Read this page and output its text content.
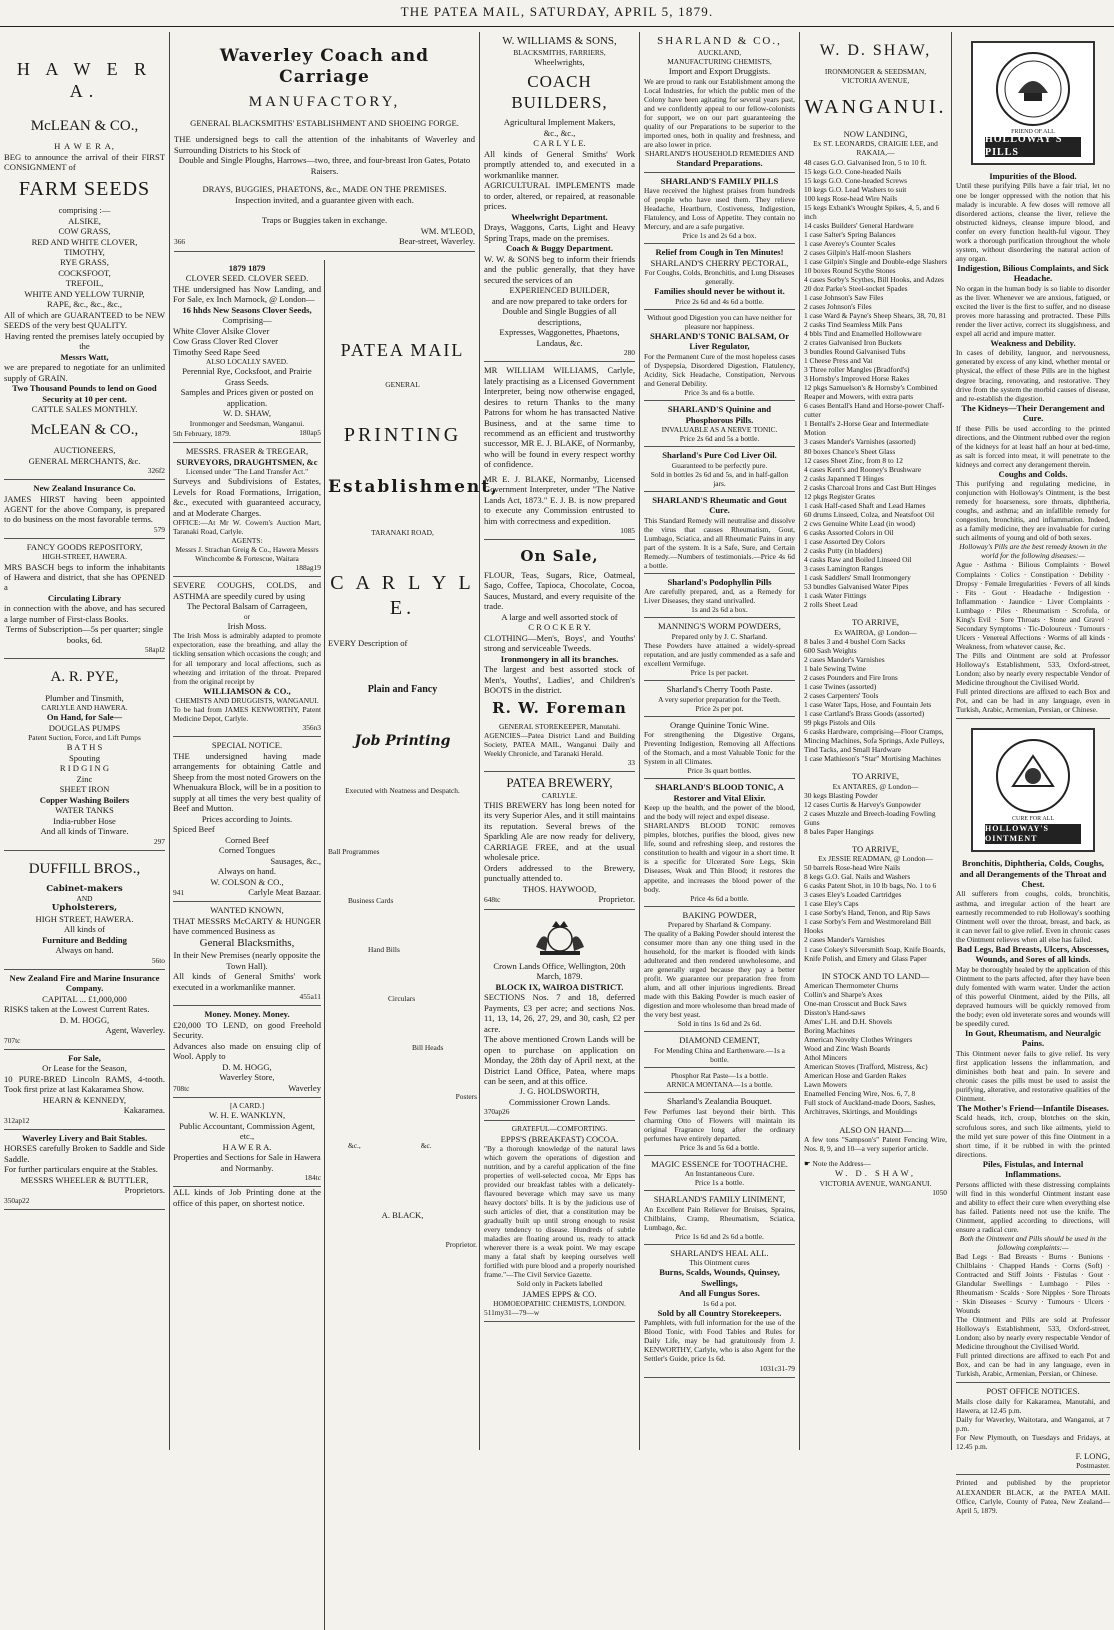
THE PATEA MAIL, SATURDAY, APRIL 5, 1879.
H A W E R A.
McLEAN & CO.,
H A W E R A,
BEG to announce the arrival of their FIRST CONSIGNMENT of
FARM SEEDS
comprising :—
ALSIKE,
COW GRASS,
RED AND WHITE CLOVER,
TIMOTHY,
RYE GRASS,
COCKSFOOT,
TREFOIL,
WHITE AND YELLOW TURNIP,
RAPE, &c., &c., &c.,
All of which are GUARANTEED to be NEW SEEDS of the very best QUALITY.
Having rented the premises lately occupied by the
Messrs Watt,
we are prepared to negotiate for an unlimited supply of GRAIN.
Two Thousand Pounds to lend on Good Security at 10 per cent.
CATTLE SALES MONTHLY.
McLEAN & CO.,
AUCTIONEERS,
GENERAL MERCHANTS, &c.
326f2
New Zealand Insurance Co.
JAMES HIRST having been appointed AGENT for the above Company, is prepared to do business on the most favorable terms.
579
FANCY GOODS REPOSITORY,
HIGH-STREET, HAWERA.
MRS BASCH begs to inform the inhabitants of Hawera and district, that she has OPENED a
Circulating Library
in connection with the above, and has secured a large number of First-class Books.
Terms of Subscription—5s per quarter; single books, 6d.
58apl2
A. R. PYE,
Plumber and Tinsmith,
CARLYLE AND HAWERA.
On Hand, for Sale—
DOUGLAS PUMPS
Patent Suction, Force, and Lift Pumps
B A T H S
Spouting
R I D G I N G
Zinc
SHEET IRON
Copper Washing Boilers
WATER TANKS
India-rubber Hose
And all kinds of Tinware.
297
DUFFILL BROS.,
Cabinet-makers
AND
Upholsterers,
HIGH STREET, HAWERA.
All kinds of
Furniture and Bedding
Always on hand.
56to
New Zealand Fire and Marine Insurance Company.
CAPITAL ... £1,000,000
RISKS taken at the Lowest Current Rates.
D. M. HOGG,
Agent, Waverley.
707tc
For Sale,
Or Lease for the Season,
10 PURE-BRED Lincoln RAMS, 4-tooth. Took first prize at last Kakaramea Show.
HEARN & KENNEDY,
Kakaramea.
312ap12
Waverley Livery and Bait Stables.
HORSES carefully Broken to Saddle and Side Saddle.
For further particulars enquire at the Stables.
MESSRS WHEELER & BUTTLER,
Proprietors.
350ap22
Waverley Coach and Carriage
MANUFACTORY,
GENERAL BLACKSMITHS' ESTABLISHMENT AND SHOEING FORGE.
THE undersigned begs to call the attention of the inhabitants of Waverley and Surrounding Districts to his Stock of
Double and Single Ploughs, Harrows—two, three, and four-breast Iron Gates, Potato Raisers.
DRAYS, BUGGIES, PHAETONS, &c., MADE ON THE PREMISES.
Inspection invited, and a guarantee given with each.
Traps or Buggies taken in exchange.
WM. M'LEOD,
366	Bear-street, Waverley.
1879 1879
CLOVER SEED. CLOVER SEED.
THE undersigned has Now Landing, and For Sale, ex Inch Marnock, @ London—
16 hhds New Seasons Clover Seeds,
Comprising—
White Clover Alsike Clover
Cow Grass Clover Red Clover
Timothy Seed Rape Seed
ALSO LOCALLY SAVED.
Perennial Rye, Cocksfoot, and Prairie Grass Seeds.
Samples and Prices given or posted on application.
W. D. SHAW,
Ironmonger and Seedsman, Wanganui.
5th February, 1879.	180ap5
MESSRS. FRASER & TREGEAR,
SURVEYORS, DRAUGHTSMEN, &c
Licensed under "The Land Transfer Act."
Surveys and Subdivisions of Estates, Levels for Road Formations, Irrigation, &c., executed with guaranteed accuracy, and at Moderate Charges.
OFFICE:—At Mr W. Cowern's Auction Mart, Taranaki Road, Carlyle.
AGENTS:
Messrs J. Strachan Greig & Co., Hawera Messrs Winchcombe & Fortescue, Waitara
188ag19
SEVERE COUGHS, COLDS, and ASTHMA are speedily cured by using
The Pectoral Balsam of Carrageen,
or
Irish Moss.
The Irish Moss is admirably adapted to promote expectoration, ease the breathing, and allay the tickling sensation which occasions the cough; and for all temporary and local affections, such as wheezing and irritation of the throat. Prepared from the original receipt by
WILLIAMSON & CO.,
CHEMISTS AND DRUGGISTS, WANGANUI.
To be had from JAMES KENWORTHY, Patent Medicine Depot, Carlyle.
356n3
SPECIAL NOTICE.
THE undersigned having made arrangements for obtaining Cattle and Sheep from the most noted Growers on the Whenuakura Block, will be in a position to supply at all times the very best quality of Beef and Mutton.
Prices according to Joints.
Spiced Beef
Corned Beef
Corned Tongues
Sausages, &c.,
Always on hand.
W. COLSON & CO.,
941	Carlyle Meat Bazaar.
WANTED KNOWN,
THAT MESSRS McCARTY & HUNGER have commenced Business as
General Blacksmiths,
In their New Premises (nearly opposite the Town Hall).
All kinds of General Smiths' work executed in a workmanlike manner.
455a11
Money. Money. Money.
£20,000 TO LEND, on good Freehold Security.
Advances also made on ensuing clip of Wool. Apply to
D. M. HOGG,
Waverley Store,
708tc	Waverley
[A CARD.]
W. H. E. WANKLYN,
Public Accountant, Commission Agent, etc.,
H A W E R A.
Properties and Sections for Sale in Hawera and Normanby.
184tc
ALL kinds of Job Printing done at the office of this paper, on shortest notice.
PATEA MAIL
GENERAL
PRINTING
Establishment,
TARANAKI ROAD,
C A R L Y L E.
EVERY Description of
Plain and Fancy
Job Printing
Executed with Neatness and Despatch.
Ball Programmes
Business Cards
Hand Bills
Circulars
Bill Heads
Posters
&c.,	&c.
A. BLACK,
Proprietor.
W. WILLIAMS & SONS,
BLACKSMITHS, FARRIERS,
Wheelwrights,
COACH BUILDERS,
Agricultural Implement Makers,
&c., &c.,
C A R L Y L E.
All kinds of General Smiths' Work promptly attended to, and executed in a workmanlike manner.
AGRICULTURAL IMPLEMENTS made to order, altered, or repaired, at reasonable prices.
Wheelwright Department.
Drays, Waggons, Carts, Light and Heavy Spring Traps, made on the premises.
Coach & Buggy Department.
W. W. & SONS beg to inform their friends and the public generally, that they have secured the services of an
EXPERIENCED BUILDER,
and are now prepared to take orders for
Double and Single Buggies of all descriptions,
Expresses, Waggonettes, Phaetons, Landaus, &c.
280
MR WILLIAM WILLIAMS, Carlyle, lately practising as a Licensed Government Interpreter, being now otherwise engaged, desires to return Thanks to the many Patrons for whom he has transacted Native Business, and at the same time to recommend as an efficient and trustworthy successor, MR E. J. BLAKE, of Normanby, who will be found in every respect worthy of confidence.
MR E. J. BLAKE, Normanby, Licensed Government Interpreter, under "The Native Lands Act, 1873." E. J. B. is now prepared to execute any Commission entrusted to him with correctness and expedition.
1085
On Sale,
FLOUR, Teas, Sugars, Rice, Oatmeal, Sago, Coffee, Tapioca, Chocolate, Cocoa, Sauces, Mustard, and every requisite of the trade.
A large and well assorted stock of
C R O C K E R Y.
CLOTHING—Men's, Boys', and Youths' strong and serviceable Tweeds.
Ironmongery in all its branches.
The largest and best assorted stock of Men's, Youths', Ladies', and Children's BOOTS in the district.
R. W. Foreman
GENERAL STOREKEEPER, Manutahi.
AGENCIES—Patea District Land and Building Society, PATEA MAIL, Wanganui Daily and Weekly Chronicle, and Taranaki Herald.
33
PATEA BREWERY,
CARLYLE.
THIS BREWERY has long been noted for its very Superior Ales, and it still maintains its reputation. Several brews of the Sparkling Ale are now ready for delivery, CARRIAGE FREE, and at the usual wholesale price.
Orders addressed to the Brewery, punctually attended to.
THOS. HAYWOOD,
648tc	Proprietor.
Crown Lands Office, Wellington, 20th March, 1879.
BLOCK IX, WAIROA DISTRICT.
SECTIONS Nos. 7 and 18, deferred Payments, £3 per acre; and sections Nos. 11, 13, 14, 26, 27, 29, and 30, cash, £2 per acre.
The above mentioned Crown Lands will be open to purchase on application on Monday, the 28th day of April next, at the District Land Office, Patea, where maps can be seen, and at this office.
J. G. HOLDSWORTH,
Commissioner Crown Lands.
370ap26
GRATEFUL—COMFORTING.
EPPS'S (BREAKFAST) COCOA.
"By a thorough knowledge of the natural laws which govern the operations of digestion and nutrition, and by a careful application of the fine properties of well-selected cocoa, Mr Epps has provided our breakfast tables with a delicately-flavoured beverage which may save us many heavy doctors' bills. It is by the judicious use of such articles of diet, that a constitution may be gradually built up until strong enough to resist every tendency to disease. Hundreds of subtle maladies are floating around us, ready to attack wherever there is a weak point. We may escape many a fatal shaft by keeping ourselves well fortified with pure blood and a properly nourished frame."—The Civil Service Gazette.
Sold only in Packets labelled
JAMES EPPS & CO.
HOMOEOPATHIC CHEMISTS, LONDON.
511my31—79—w
SHARLAND & CO.,
AUCKLAND,
MANUFACTURING CHEMISTS,
Import and Export Druggists.
We are proud to rank our Establishment among the Local Industries, for which the public men of the Colony have been agitating for several years past, and we confidently appeal to our fellow-colonists for support, we on our part guaranteeing the quality of our Preparations to be superior to the imported ones, both in quality and freshness, and are also lower in price.
SHARLAND'S HOUSEHOLD REMEDIES AND
Standard Preparations.
SHARLAND'S FAMILY PILLS
Have received the highest praises from hundreds of people who have used them. They relieve Headache, Heartburn, Costiveness, Indigestion, Flatulency, and Loss of Appetite. They contain no Mercury, and are a safe purgative.
Price 1s and 2s 6d a box.
Relief from Cough in Ten Minutes!
SHARLAND'S CHERRY PECTORAL,
For Coughs, Colds, Bronchitis, and Lung Diseases generally.
Families should never be without it.
Price 2s 6d and 4s 6d a bottle.
Without good Digestion you can have neither for pleasure nor happiness.
SHARLAND'S TONIC BALSAM, Or Liver Regulator,
For the Permanent Cure of the most hopeless cases of Dyspepsia, Disordered Digestion, Flatulency, Acidity, Sick Headache, Constipation, Nervous and General Debility.
Price 3s and 6s a bottle.
SHARLAND'S Quinine and Phosphorous Pills.
INVALUABLE AS A NERVE TONIC.
Price 2s 6d and 5s a bottle.
Sharland's Pure Cod Liver Oil.
Guaranteed to be perfectly pure.
Sold in bottles 2s 6d and 5s, and in half-gallon jars.
SHARLAND'S Rheumatic and Gout Cure.
This Standard Remedy will neutralise and dissolve the virus that causes Rheumatism, Gout, Lumbago, Sciatica, and all Rheumatic Pains in any part of the system. It is a Safe, Sure, and Certain Remedy.—Numbers of testimonials.—Price 4s 6d a bottle.
Sharland's Podophyllin Pills
Are carefully prepared, and, as a Remedy for Liver Diseases, they stand unrivalled.
1s and 2s 6d a box.
MANNING'S WORM POWDERS,
Prepared only by J. C. Sharland.
These Powders have attained a widely-spread reputation, and are justly commended as a safe and excellent Vermifuge.
Price 1s per packet.
Sharland's Cherry Tooth Paste.
A very superior preparation for the Teeth.
Price 2s per pot.
Orange Quinine Tonic Wine.
For strengthening the Digestive Organs, Preventing Indigestion, Removing all Affections of the Stomach, and a most Valuable Tonic for the System in all Climates.
Price 3s quart bottles.
SHARLAND'S BLOOD TONIC, A Restorer and Vital Elixir.
Keep up the health, and the power of the blood, and the body will reject and expel disease.
SHARLAND'S BLOOD TONIC removes pimples, blotches, purifies the blood, gives new life, sound and refreshing sleep, and restores the constitution to health and vigour in a short time. It is a specific for Ulcerated Sore Legs, Skin Diseases, Weak and Thin Blood; it restores the appetite, and increases the blood power of the body.
Price 4s 6d a bottle.
BAKING POWDER,
Prepared by Sharland & Company.
The quality of a Baking Powder should interest the consumer more than any one thing used in the household, for the market is flooded with kinds adulterated and then rendered unwholesome, and are generally urged because they pay a better profit. We guarantee our preparation free from alum, and all other injurious ingredients. Bread made with this Baking Powder is much easier of digestion and more wholesome than bread made of the very best yeast.
Sold in tins 1s 6d and 2s 6d.
DIAMOND CEMENT,
For Mending China and Earthenware.—1s a bottle.
Phosphor Rat Paste—1s a bottle.
ARNICA MONTANA—1s a bottle.
Sharland's Zealandia Bouquet.
Few Perfumes last beyond their birth. This charming Otto of Flowers will maintain its original Fragrance long after the ordinary perfumes have entirely departed.
Price 3s and 5s 6d a bottle.
MAGIC ESSENCE for TOOTHACHE.
An Instantaneous Cure.
Price 1s a bottle.
SHARLAND'S FAMILY LINIMENT,
An Excellent Pain Reliever for Bruises, Sprains, Chilblains, Cramp, Rheumatism, Sciatica, Lumbago, &c.
Price 1s 6d and 2s 6d a bottle.
SHARLAND'S HEAL ALL.
This Ointment cures
Burns, Scalds, Wounds, Quinsey, Swellings,
And all Fungus Sores.
1s 6d a pot.
Sold by all Country Storekeepers.
Pamphlets, with full information for the use of the Blood Tonic, with Food Tables and Rules for Daily Life, may be had gratuitously from J. KENWORTHY, Carlyle, who is also Agent for the Settler's Guide, price 1s 6d.
1031c31-79
W. D. SHAW,
IRONMONGER & SEEDSMAN,
VICTORIA AVENUE,
WANGANUI.
NOW LANDING,
Ex ST. LEONARDS, CRAIGIE LEE, and RAKAIA,—
48 cases G.O. Galvanised Iron, 5 to 10 ft.
15 kegs G.O. Cone-headed Nails
15 kegs G.O. Cone-headed Screws
10 kegs G.O. Lead Washers to suit
100 kegs Rose-head Wire Nails
15 kegs Exbank's Wrought Spikes, 4, 5, and 6 inch
14 casks Builders' General Hardware
1 case Salter's Spring Balances
1 case Averey's Counter Scales
2 cases Gilpin's Half-moon Slashers
1 case Gilpin's Single and Double-edge Slashers
10 boxes Round Scythe Stones
4 cases Sorby's Scythes, Bill Hooks, and Adzes
20 doz Parke's Steel-socket Spades
1 case Johnson's Saw Files
2 cases Johnson's Files
1 case Ward & Payne's Sheep Shears, 38, 70, 81
2 casks Tind Seamless Milk Pans
4 bbls Tind and Enamelled Hollowware
2 crates Galvanised Iron Buckets
3 bundles Round Galvanised Tubs
1 Cheese Press and Vat
3 Three roller Mangles (Bradford's)
3 Hornsby's Improved Horse Rakes
12 pkgs Samuelson's & Hornsby's Combined Reaper and Mowers, with extra parts
6 cases Bentall's Hand and Horse-power Chaff-cutter
1 Bentall's 2-Horse Gear and Intermediate Motion
3 cases Mander's Varnishes (assorted)
80 boxes Chance's Sheet Glass
12 cases Sheet Zinc, from 8 to 12
4 cases Kent's and Rooney's Brushware
2 casks Japanned T Hinges
2 casks Charcoal Irons and Cast Butt Hinges
12 pkgs Register Grates
1 cask Half-cased Shaft and Lead Hames
60 drums Linseed, Colza, and Neatsfoot Oil
2 cws Genuine White Lead (in wood)
6 casks Assorted Colors in Oil
1 case Assorted Dry Colors
2 casks Putty (in bladders)
4 casks Raw and Boiled Linseed Oil
3 cases Lamington Ranges
1 cask Saddlers' Small Ironmongery
53 bundles Galvanised Water Pipes
1 cask Water Fittings
2 rolls Sheet Lead
TO ARRIVE,
Ex WAIROA, @ London—
8 bales 3 and 4 bushel Corn Sacks
600 Sash Weights
2 cases Mander's Varnishes
1 bale Sewing Twine
2 cases Pounders and Fire Irons
1 case Twines (assorted)
2 cases Carpenters' Tools
1 case Water Taps, Hose, and Fountain Jets
1 case Cartland's Brass Goods (assorted)
99 pkgs Pistols and Oils
6 casks Hardware, comprising—Floor Cramps, Mincing Machines, Sofa Springs, Axle Pulleys, Tind Tacks, and Small Hardware
1 case Mathieson's "Star" Mortising Machines
TO ARRIVE,
Ex ANTARES, @ London—
30 kegs Blasting Powder
12 cases Curtis & Harvey's Gunpowder
2 cases Muzzle and Breech-loading Fowling Guns
8 bales Paper Hangings
TO ARRIVE,
Ex JESSIE READMAN, @ London—
50 barrels Rose-head Wire Nails
8 kegs G.O. Gal. Nails and Washers
6 casks Patent Shot, in 10 lb bags, No. 1 to 6
3 cases Eley's Loaded Cartridges
1 case Eley's Caps
1 case Sorby's Hand, Tenon, and Rip Saws
1 case Sorby's Fern and Westmoreland Bill Hooks
2 cases Mander's Varnishes
1 case Cokey's Silversmith Soap, Knife Boards, Knife Polish, and Emery and Glass Paper
IN STOCK AND TO LAND—
American Thermometer Churns
Collin's and Sharpe's Axes
One-man Crosscut and Buck Saws
Disston's Hand-saws
Ames' L.H. and D.H. Shovels
Boring Machines
American Novelty Clothes Wringers
Wood and Zinc Wash Boards
Athol Mincers
American Stoves (Trafford, Mistress, &c)
American Hose and Garden Rakes
Lawn Mowers
Enamelled Fencing Wire, Nos. 6, 7, 8
Full stock of Auckland-made Doors, Sashes, Architraves, Skirtings, and Mouldings
ALSO ON HAND—
A few tons "Sampson's" Patent Fencing Wire, Nos. 8, 9, and 10—a very superior article.
☛ Note the Address—
W. D. SHAW,
VICTORIA AVENUE, WANGANUI.
1050
FRIEND OF ALL
HOLLOWAY'S PILLS
Impurities of the Blood.
Until these purifying Pills have a fair trial, let no one be longer oppressed with the notion that his malady is incurable. A few doses will remove all disordered actions, cleanse the liver, relieve the obstructed kidneys, cleanse impure blood, and confer on every function health-ful vigour. They work a thorough purification throughout the whole system, without disordering the natural action of any organ.
Indigestion, Bilious Complaints, and Sick Headache.
No organ in the human body is so liable to disorder as the liver. Whenever we are anxious, fatigued, or excited the liver is the first to suffer, and no disease proves more harassing and protracted. These Pills render the liver active, correct its sluggishness, and expel all acrid and impure matter.
Weakness and Debility.
In cases of debility, languor, and nervousness, generated by excess of any kind, whether mental or physical, the effect of these Pills are in the highest degree bracing, renovating, and restorative. They drive from the system the morbid causes of disease, and re-establish the digestion.
The Kidneys—Their Derangement and Cure.
If these Pills be used according to the printed directions, and the Ointment rubbed over the region of the kidneys for at least half an hour at bed-time, as salt is forced into meat, it will penetrate to the kidneys and correct any derangement therein.
Coughs and Colds.
This purifying and regulating medicine, in conjunction with Holloway's Ointment, is the best remedy for hoarseness, sore throats, diphtheria, coughs, and asthma; and an infallible remedy for congestion, bronchitis, and inflammation. Indeed, as a family medicine, they are invaluable for curing such ailments of young and old of both sexes.
Holloway's Pills are the best remedy known in the world for the following diseases:—
Ague · Asthma · Bilious Complaints · Bowel Complaints · Colics · Constipation · Debility · Dropsy · Female Irregularities · Fevers of all kinds · Fits · Gout · Headache · Indigestion · Inflammation · Jaundice · Liver Complaints · Lumbago · Piles · Rheumatism · Scrofula, or King's Evil · Sore Throats · Stone and Gravel · Secondary Symptoms · Tic-Doloureux · Tumours · Ulcers · Venereal Affections · Worms of all kinds · Weakness, from whatever cause, &c.
The Pills and Ointment are sold at Professor Holloway's Establishment, 533, Oxford-street, London; also by nearly every respectable Vendor of Medicine throughout the Civilised World.
Full printed directions are affixed to each Box and Pot, and can be had in any language, even in Turkish, Arabic, Armenian, Persian, or Chinese.
CURE FOR ALL
HOLLOWAY'S OINTMENT
Bronchitis, Diphtheria, Colds, Coughs, and all Derangements of the Throat and Chest.
All sufferers from coughs, colds, bronchitis, asthma, and irregular action of the heart are earnestly recommended to rub Holloway's soothing Ointment well over the throat, breast, and back, as it can never fail to give relief. Even in chronic cases the Ointment relieves when all else has failed.
Bad Legs, Bad Breasts, Ulcers, Abscesses, Wounds, and Sores of all kinds.
May be thoroughly healed by the application of this Ointment to the parts affected, after they have been duly fomented with warm water. Under the action of this powerful Ointment, aided by the Pills, all depraved humours will be quickly removed from the body; even old inveterate sores and wounds will be speedily cured.
In Gout, Rheumatism, and Neuralgic Pains.
This Ointment never fails to give relief. Its very first application lessens the inflammation, and diminishes both heat and pain. In severe and chronic cases the pills must be used to assist the purifying, alterative, and restorative qualities of the Ointment.
The Mother's Friend—Infantile Diseases.
Scald heads, itch, croup, blotches on the skin, scrofulous sores, and such like ailments, yield to the mild yet sure power of this fine Ointment in a short time, if it be rubbed in with the printed directions.
Piles, Fistulas, and Internal Inflammations.
Persons afflicted with these distressing complaints will find in this wonderful Ointment instant ease and ability to effect their cure when everything else has failed. Patients need not use the knife. The Ointment, applied according to directions, will ensure a radical cure.
Both the Ointment and Pills should be used in the following complaints:—
Bad Legs · Bad Breasts · Burns · Bunions · Chilblains · Chapped Hands · Corns (Soft) · Contracted and Stiff Joints · Fistulas · Gout · Glandular Swellings · Lumbago · Piles · Rheumatism · Scalds · Sore Nipples · Sore Throats · Skin Diseases · Scurvy · Tumours · Ulcers · Wounds
The Ointment and Pills are sold at Professor Holloway's Establishment, 533, Oxford-street, London; also by nearly every respectable Vendor of Medicine throughout the Civilised World.
Full printed directions are affixed to each Pot and Box, and can be had in any language, even in Turkish, Arabic, Armenian, Persian, or Chinese.
POST OFFICE NOTICES.
Mails close daily for Kakaramea, Manutahi, and Hawera, at 12.45 p.m.
Daily for Waverley, Waitotara, and Wanganui, at 7 p.m.
For New Plymouth, on Tuesdays and Fridays, at 12.45 p.m.
F. LONG,
Postmaster.
Printed and published by the proprietor ALEXANDER BLACK, at the PATEA MAIL Office, Carlyle, County of Patea, New Zealand—April 5, 1879.
